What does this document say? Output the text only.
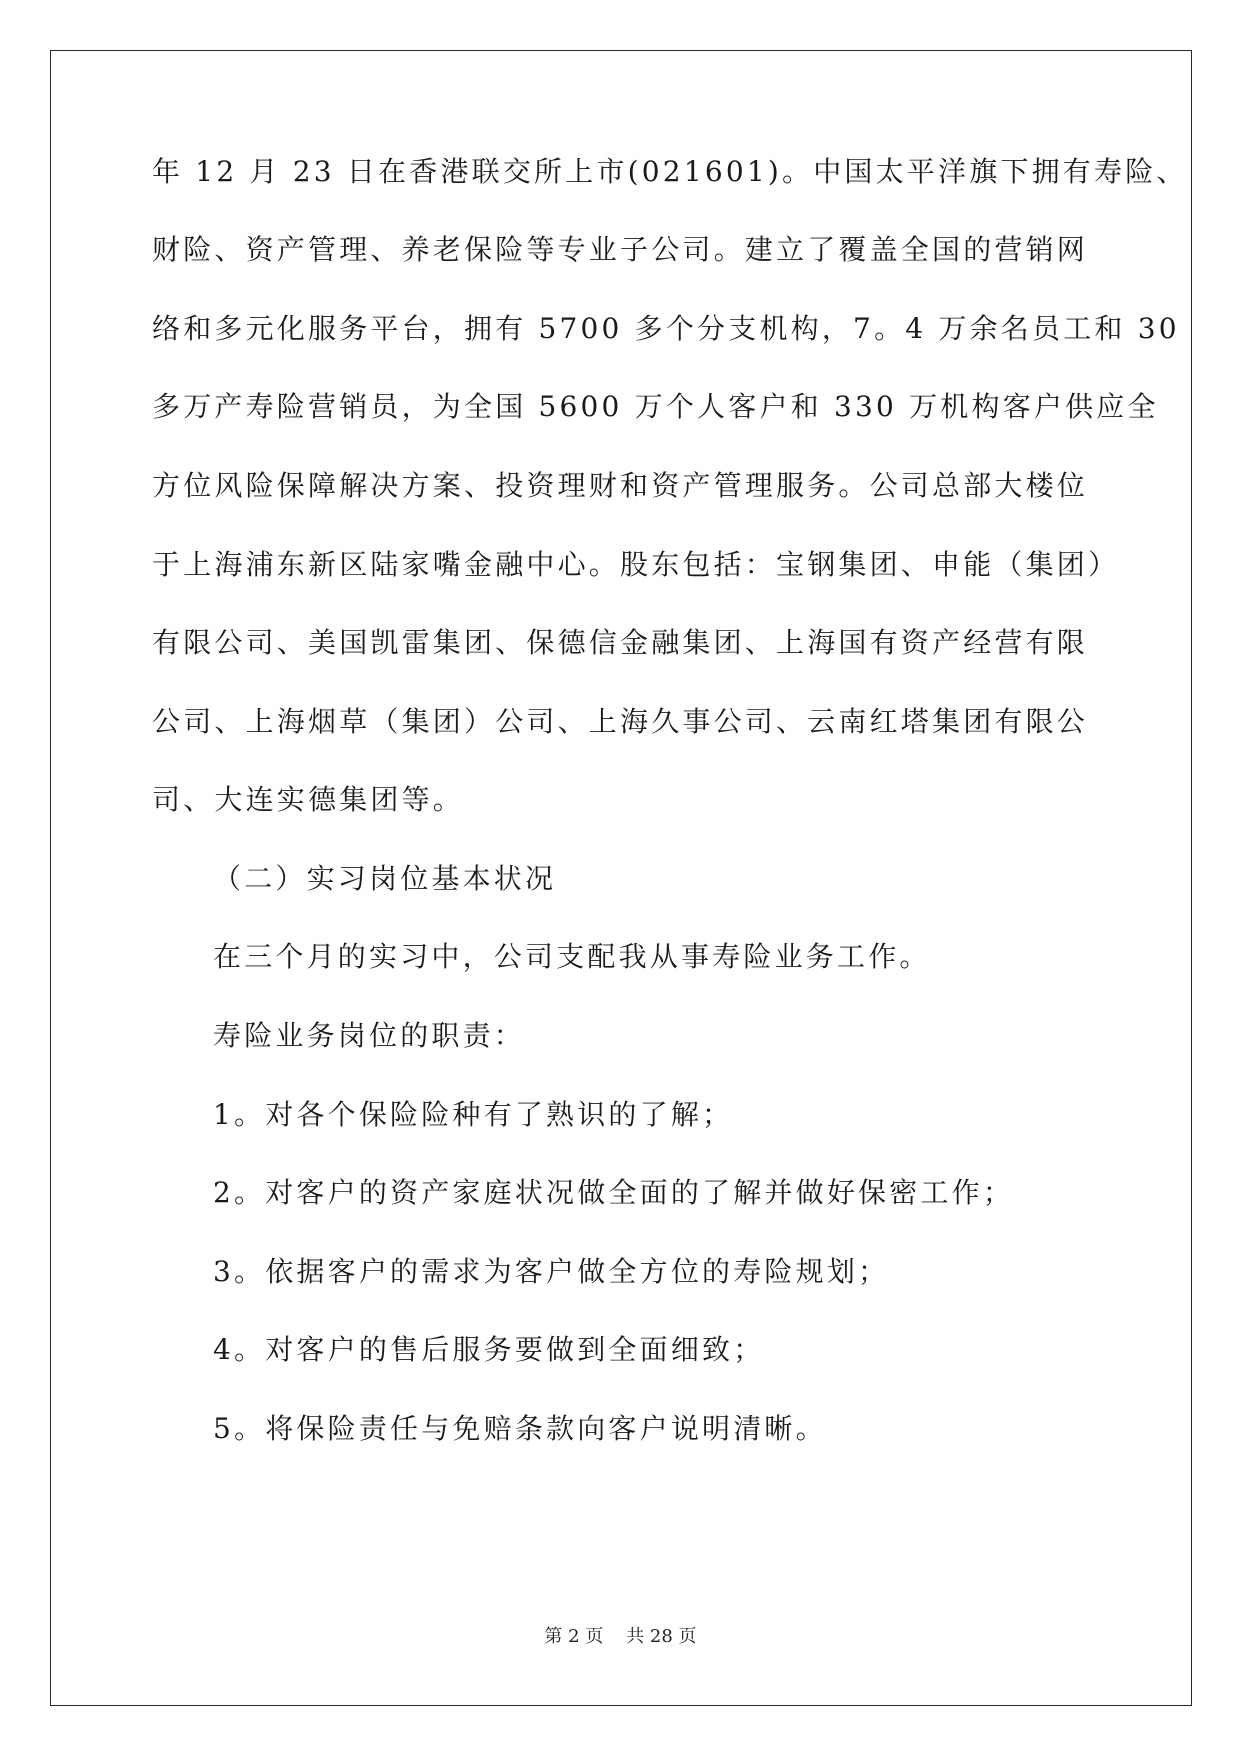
年 12 月 23 日在香港联交所上市(021601)。中国太平洋旗下拥有寿险、
财险、资产管理、养老保险等专业子公司。建立了覆盖全国的营销网
络和多元化服务平台，拥有 5700 多个分支机构，7。4 万余名员工和 30
多万产寿险营销员，为全国 5600 万个人客户和 330 万机构客户供应全
方位风险保障解决方案、投资理财和资产管理服务。公司总部大楼位
于上海浦东新区陆家嘴金融中心。股东包括：宝钢集团、申能（集团）
有限公司、美国凯雷集团、保德信金融集团、上海国有资产经营有限
公司、上海烟草（集团）公司、上海久事公司、云南红塔集团有限公
司、大连实德集团等。
（二）实习岗位基本状况
在三个月的实习中，公司支配我从事寿险业务工作。
寿险业务岗位的职责：
1。对各个保险险种有了熟识的了解；
2。对客户的资产家庭状况做全面的了解并做好保密工作；
3。依据客户的需求为客户做全方位的寿险规划；
4。对客户的售后服务要做到全面细致；
5。将保险责任与免赔条款向客户说明清晰。
第 2 页    共 28 页
